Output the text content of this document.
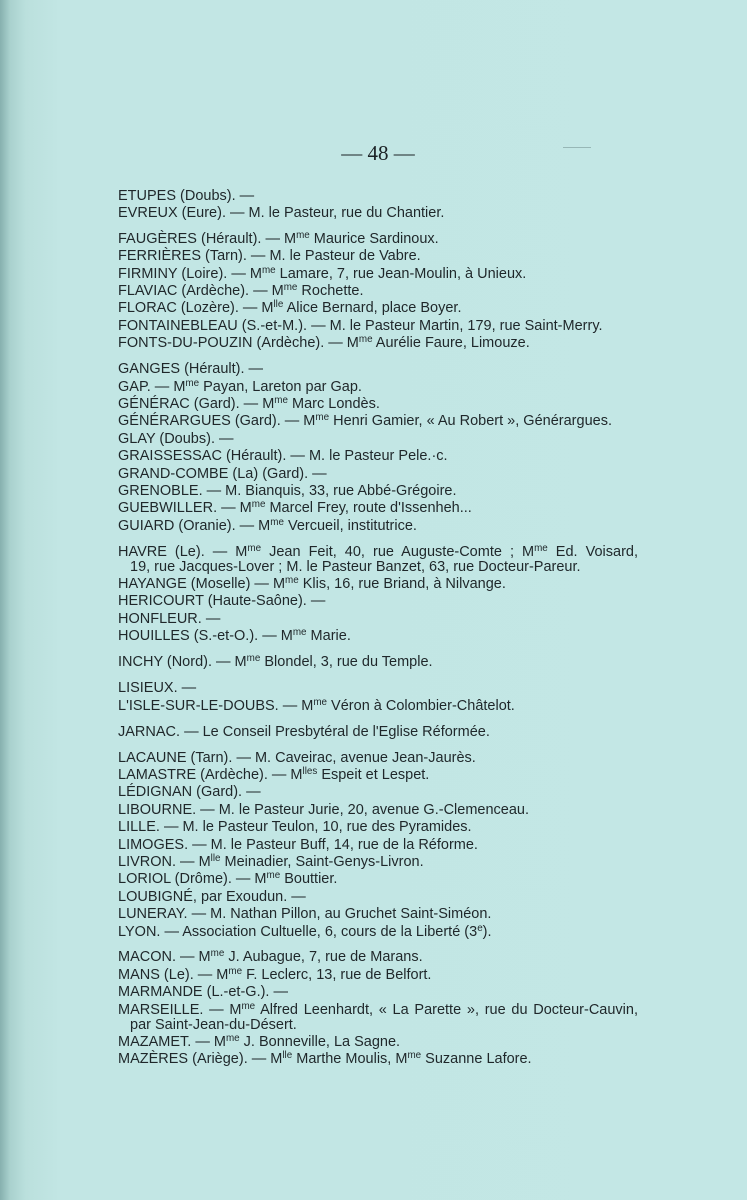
— 48 —
ETUPES (Doubs). —
EVREUX (Eure). — M. le Pasteur, rue du Chantier.
FAUGÈRES (Hérault). — $M^{me}$ Maurice Sardinoux.
FERRIÈRES (Tarn). — M. le Pasteur de Vabre.
FIRMINY (Loire). — $M^{me}$ Lamare, 7, rue Jean-Moulin, à Unieux.
FLAVIAC (Ardèche). — $M^{me}$ Rochette.
FLORAC (Lozère). — $M^{lle}$ Alice Bernard, place Boyer.
FONTAINEBLEAU (S.-et-M.). — M. le Pasteur Martin, 179, rue Saint-Merry.
FONTS-DU-POUZIN (Ardèche). — $M^{me}$ Aurélie Faure, Limouze.
GANGES (Hérault). —
GAP. — $M^{me}$ Payan, Lareton par Gap.
GÉNÉRAC (Gard). — $M^{me}$ Marc Londès.
GÉNÉRARGUES (Gard). — $M^{me}$ Henri Gamier, « Au Robert », Générargues.
GLAY (Doubs). —
GRAISSESSAC (Hérault). — M. le Pasteur Pele.·c.
GRAND-COMBE (La) (Gard). —
GRENOBLE. — M. Bianquis, 33, rue Abbé-Grégoire.
GUEBWILLER. — $M^{me}$ Marcel Frey, route d'Issenheh...
GUIARD (Oranie). — $M^{me}$ Vercueil, institutrice.
HAVRE (Le). — $M^{me}$ Jean Feit, 40, rue Auguste-Comte ; $M^{me}$ Ed. Voisard,
19, rue Jacques-Lover ; M. le Pasteur Banzet, 63, rue Docteur-Pareur.
HAYANGE (Moselle) — $M^{me}$ Klis, 16, rue Briand, à Nilvange.
HERICOURT (Haute-Saône). —
HONFLEUR. —
HOUILLES (S.-et-O.). — $M^{me}$ Marie.
INCHY (Nord). — $M^{me}$ Blondel, 3, rue du Temple.
LISIEUX. —
L'ISLE-SUR-LE-DOUBS. — $M^{me}$ Véron à Colombier-Châtelot.
JARNAC. — Le Conseil Presbytéral de l'Eglise Réformée.
LACAUNE (Tarn). — M. Caveirac, avenue Jean-Jaurès.
LAMASTRE (Ardèche). — $M^{lles}$ Espeit et Lespet.
LÉDIGNAN (Gard). —
LIBOURNE. — M. le Pasteur Jurie, 20, avenue G.-Clemenceau.
LILLE. — M. le Pasteur Teulon, 10, rue des Pyramides.
LIMOGES. — M. le Pasteur Buff, 14, rue de la Réforme.
LIVRON. — $M^{lle}$ Meinadier, Saint-Genys-Livron.
LORIOL (Drôme). — $M^{me}$ Bouttier.
LOUBIGNÉ, par Exoudun. —
LUNERAY. — M. Nathan Pillon, au Gruchet Saint-Siméon.
LYON. — Association Cultuelle, 6, cours de la Liberté (3e).
MACON. — $M^{me}$ J. Aubague, 7, rue de Marans.
MANS (Le). — $M^{me}$ F. Leclerc, 13, rue de Belfort.
MARMANDE (L.-et-G.). —
MARSEILLE. — $M^{me}$ Alfred Leenhardt, « La Parette », rue du Docteur-Cauvin,
par Saint-Jean-du-Désert.
MAZAMET. — $M^{me}$ J. Bonneville, La Sagne.
MAZÈRES (Ariège). — $M^{lle}$ Marthe Moulis, $M^{me}$ Suzanne Lafore.
